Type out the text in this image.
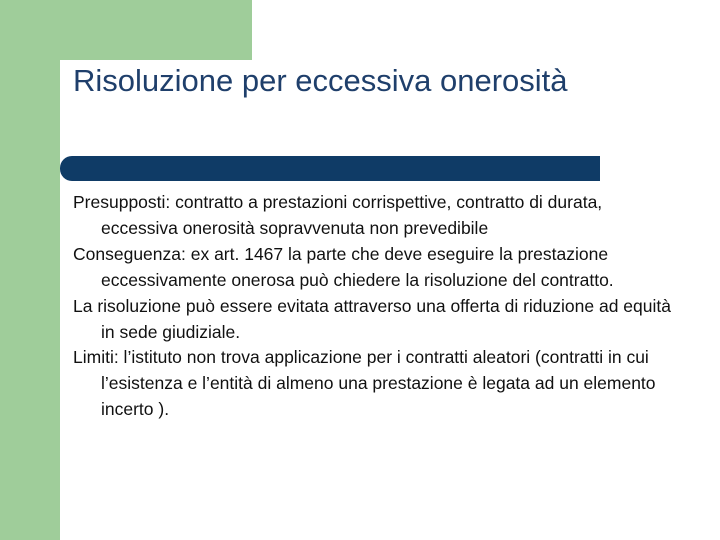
Risoluzione per eccessiva onerosità
Presupposti: contratto a prestazioni corrispettive, contratto di durata, eccessiva onerosità sopravvenuta non prevedibile
Conseguenza: ex art. 1467 la parte che deve eseguire la prestazione eccessivamente onerosa può chiedere la risoluzione del contratto.
La risoluzione può essere evitata attraverso una offerta di riduzione ad equità in sede giudiziale.
Limiti: l’istituto non trova applicazione per i contratti aleatori (contratti in cui l’esistenza e l’entità di almeno una prestazione è legata ad un elemento incerto ).
